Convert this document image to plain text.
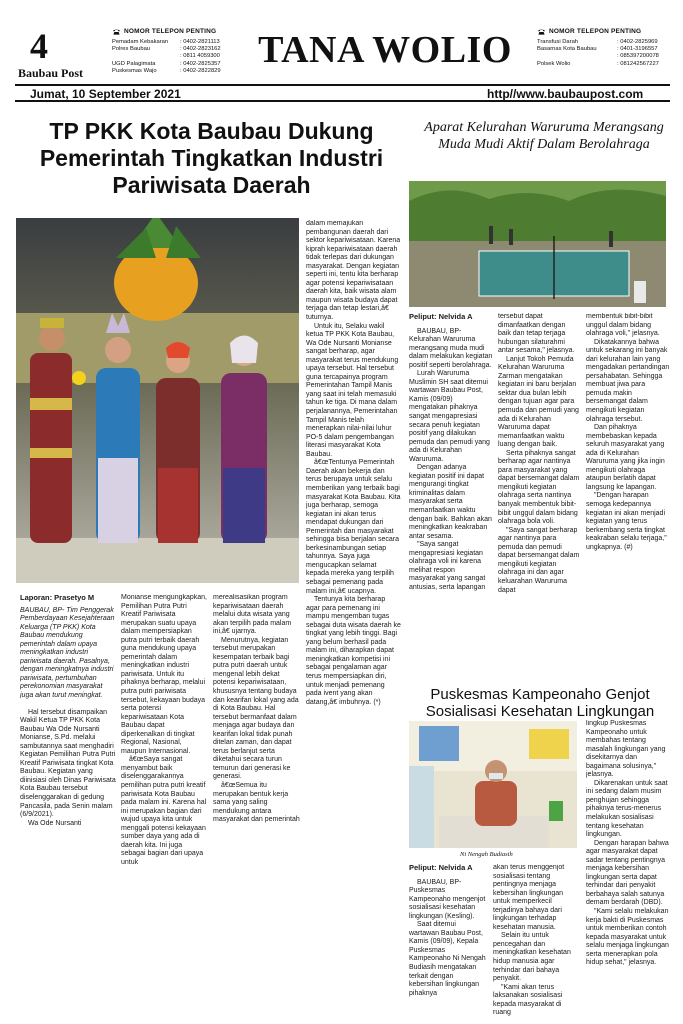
4
Baubau Post
NOMOR TELEPON PENTING
Pemadam Kebakaran	: 0402-2821113
Polres Baubau	: 0402-2823162
: 0811 4059300
UGD Palagimata	: 0402-2825357
Puskesmas Wajo	: 0402-2822829 TANA WOLIO	NOMOR TELEPON PENTING
Transfusi Darah	: 0402-2825969
Basarnas Kota Baubau	: 0401-3196557
: 085397200078
Polsek Wolio	: 081242567227
Jumat, 10 September 2021	http//www.baubaupost.com
TP PKK Kota Baubau Dukung Pemerintah Tingkatkan Industri Pariwisata Daerah
Aparat Kelurahan Waruruma Merangsang Muda Mudi Aktif Dalam Berolahraga
Puskesmas Kampeonaho Genjot Sosialisasi Kesehatan Lingkungan
Ni Nengah Budiasih

Laporan: Prasetyo M

BAUBAU, BP- Tim Penggerak Pemberdayaan Kesejahteraan Keluarga (TP PKK) Kota Baubau mendukung pemerintah dalam upaya meningkatkan industri pariwisata daerah. Pasalnya, dengan meningkatnya industri pariwisata, pertumbuhan perekonomian masyarakat juga akan turut meningkat.

Hal tersebut disampaikan Wakil Ketua TP PKK Kota Baubau Wa Ode Nursanti Moniansе, S.Pd. melalui sambutannya saat menghadiri Kegiatan Pemilihan Putra Putri Kreatif Pariwisata tingkat Kota Baubau. Kegiatan yang diinisiasi oleh Dinas Pariwisata Kota Baubau tersebut diselenggarakan di gedung Pancasila, pada Senin malam (6/9/2021).

Wa Ode Nursanti

Moniansе mengungkapkan, Pemilihan Putra Putri Kreatif Pariwisata merupakan suatu upaya dalam mempersiapkan putra putri terbaik daerah guna mendukung upaya pemerintah dalam meningkatkan industri pariwisata. Untuk itu pihaknya berharap, melalui putra putri pariwisata tersebut, kekayaan budaya serta potensi kepariwisataan Kota Baubau dapat diperkenalkan di tingkat Regional, Nasional, maupun Internasional.

â€œSaya sangat menyambut baik diselenggarakannya pemilihan putra putri kreatif pariwisata Kota Baubau pada malam ini. Karena hal ini merupakan bagian dari wujud upaya kita untuk menggali potensi kekayaan sumber daya yang ada di daerah kita. Ini juga sebagai bagian dari upaya untuk

merealisasikan program kepariwisataan daerah melalui duta wisata yang akan terpilih pada malam ini,â€ ujarnya.

Menurutnya, kegiatan tersebut merupakan kesempatan terbaik bagi putra putri daerah untuk mengenal lebih dekat potensi kepariwisataan, khususnya tentang budaya dan kearifan lokal yang ada di Kota Baubau. Hal tersebut bermanfaat dalam menjaga agar budaya dan kearifan lokal tidak punah ditelan zaman, dan dapat terus berlanjut serta diketahui secara turun temurun dari generasi ke generasi.

â€œSemua itu merupakan bentuk kerja sama yang saling mendukung antara masyarakat dan pemerintah

dalam memajukan pembangunan daerah dari sektor kepariwisataan. Karena kiprah kepariwisataan daerah tidak terlepas dari dukungan masyarakat. Dengan kegiatan seperti ini, tentu kita berharap agar potensi kepariwisataan daerah kita, baik wisata alam maupun wisata budaya dapat terjaga dan tetap lestari,â€ tuturnya.

Untuk itu, Selaku wakil ketua TP PKK Kota Baubau, Wa Ode Nursanti Moniansе sangat berharap, agar masyarakat terus mendukung upaya tersebut. Hal tersebut guna tercapainya program Pemerintahan Tampil Manis yang saat ini telah memasuki tahun ke tiga. Di mana dalam perjalanannya, Pemerintahan Tampil Manis telah menerapkan nilai-nilai luhur PO-5 dalam pengembangan literasi masyarakat Kota Baubau.

â€œTentunya Pemerintah Daerah akan bekerja dan terus berupaya untuk selalu memberikan yang terbaik bagi masyarakat Kota Baubau. Kita juga berharap, semoga kegiatan ini akan terus mendapat dukungan dari Pemerintah dan masyarakat sehingga bisa berjalan secara berkesinambungan setiap tahunnya. Saya juga mengucapkan selamat kepada mereka yang terpilih sebagai pemenang pada malam ini,â€ ucapnya.

Tentunya kita berharap agar para pemenang ini mampu mengemban tugas sebagai duta wisata daerah ke tingkat yang lebih tinggi. Bagi yang belum berhasil pada malam ini, diharapkan dapat meningkatkan kompetisi ini sebagai pengalaman agar terus mempersiapkan diri, untuk menjadi pemenang pada ivent yang akan datang,â€ imbuhnya. (*)

Peliput: Nelvida A

BAUBAU, BP- Kelurahan Waruruma merangsang muda mudi dalam melakukan kegiatan positif seperti berolahraga.

Lurah Waruruma Muslimin SH saat ditemui wartawan Baubau Post, Kamis (09/09) mengatakan pihaknya sangat mengapresiasi secara penuh kegiatan positif yang dilakukan pemuda dan pemudi yang ada di Kelurahan Waruruma.

Dengan adanya kegiatan positif ini dapat mengurangi tingkat kriminalitas dalam masyarakat serta memanfaatkan waktu dengan baik. Bahkan akan meningkatkan keakraban antar sesama.

"Saya sangat mengapresiasi kegiatan olahraga voli ini karena melihat respon masyarakat yang sangat antusias, serta lapangan

tersebut dapat dimanfaatkan dengan baik dan tetap terjaga hubungan silaturahmi antar sesama," jelasnya.

Lanjut Tokoh Pemuda Kelurahan Waruruma Zarman mengatakan kegiatan ini baru berjalan sektar dua bulan lebih dengan tujuan agar para pemuda dan pemudi yang ada di Kelurahan Waruruma dapat memanfaatkan waktu luang dengan baik.

Serta pihaknya sangat berharap agar nantinya para masyarakat yang dapat bersemangat dalam mengikuti kegiatan olahraga serta nantinya banyak membentuk bibit-bibit unggul dalam bidang olahraga bola voli.

"Saya sangat berharap agar nantinya para pemuda dan pemudi dapat bersemangat dalam mengikuti kegiatan olahraga ini dan agar keluarahan Waruruma dapat

membentuk bibit-bibit unggul dalam bidang olahraga voli," jelasnya.

Dikatakannya bahwa untuk sekarang ini banyak dari kelurahan lain yang mengadakan pertandingan persahabatan. Sehingga membuat jiwa para pemuda makin bersemangat dalam mengikuti kegiatan olahraga tersebut.

Dan pihaknya membebaskan kepada seluruh masyarakat yang ada di Kelurahan Waruruma yang jika ingin mengikuti olahraga ataupun berlatih dapat langsung ke lapangan.

"Dengan harapan semoga kedepannya kegiatan ini akan menjadi kegiatan yang terus berkembang serta tingkat keakraban selalu terjaga," ungkapnya. (#)

Peliput: Nelvida A

BAUBAU, BP- Puskesmas Kampeonaho mengenjot sosialisasi kesehatan lingkungan (Kesling).

Saat ditemui wartawan Baubau Post, Kamis (09/09), Kepala Puskesmas Kampeonaho Ni Nengah Budiasih mengatakan terkait dengan kebersihan lingkungan pihaknya

akan terus menggenjot sosialisasi tentang pentingnya menjaga kebersihan lingkungan untuk memperkecil terjadinya bahaya dari lingkungan terhadap kesehatan manusia.

Selain itu untuk pencegahan dan meningkatkan kesehatan hidup manusia agar terhindar dari bahaya penyakit.

"Kami akan terus laksanakan sosialisasi kepada masyarakat di ruang

lingkup Puskesmas Kampeonaho untuk membahas tentang masalah lingkungan yang disekitarnya dan bagaimana solusinya," jelasnya.

Dikarenakan untuk saat ini sedang dalam musim penghujan sehingga pihaknya terus-menerus melakukan sosialisasi tentang kesehatan lingkungan.

Dengan harapan bahwa agar masyarakat dapat sadar tentang pentingnya menjaga kebersihan lingkungan serta dapat terhindar dari penyakit berbahaya salah satunya demam berdarah (DBD).

"Kami selalu melakukan kerja bakti di Puskesmas untuk memberikan contoh kepada masyarakat untuk selalu menjaga lingkungan serta menerapkan pola hidup sehat," jelasnya.
